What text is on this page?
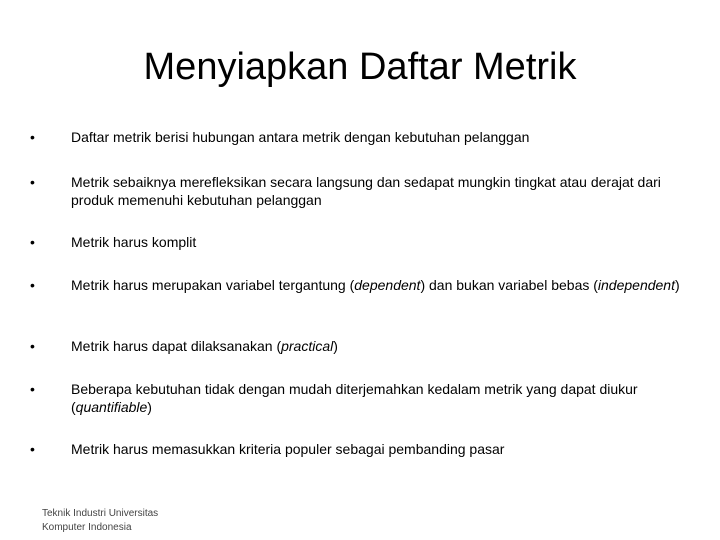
Menyiapkan Daftar Metrik
•	Daftar metrik berisi hubungan antara metrik dengan kebutuhan pelanggan
•	Metrik sebaiknya merefleksikan secara langsung dan sedapat mungkin tingkat atau derajat dari produk memenuhi kebutuhan pelanggan
•	Metrik harus komplit
•	Metrik harus merupakan variabel tergantung (dependent) dan bukan variabel bebas (independent)
•	Metrik harus dapat dilaksanakan (practical)
•	Beberapa kebutuhan tidak dengan mudah diterjemahkan kedalam metrik yang dapat diukur (quantifiable)
•	Metrik harus memasukkan kriteria populer sebagai pembanding pasar
Teknik Industri Universitas
Komputer Indonesia
